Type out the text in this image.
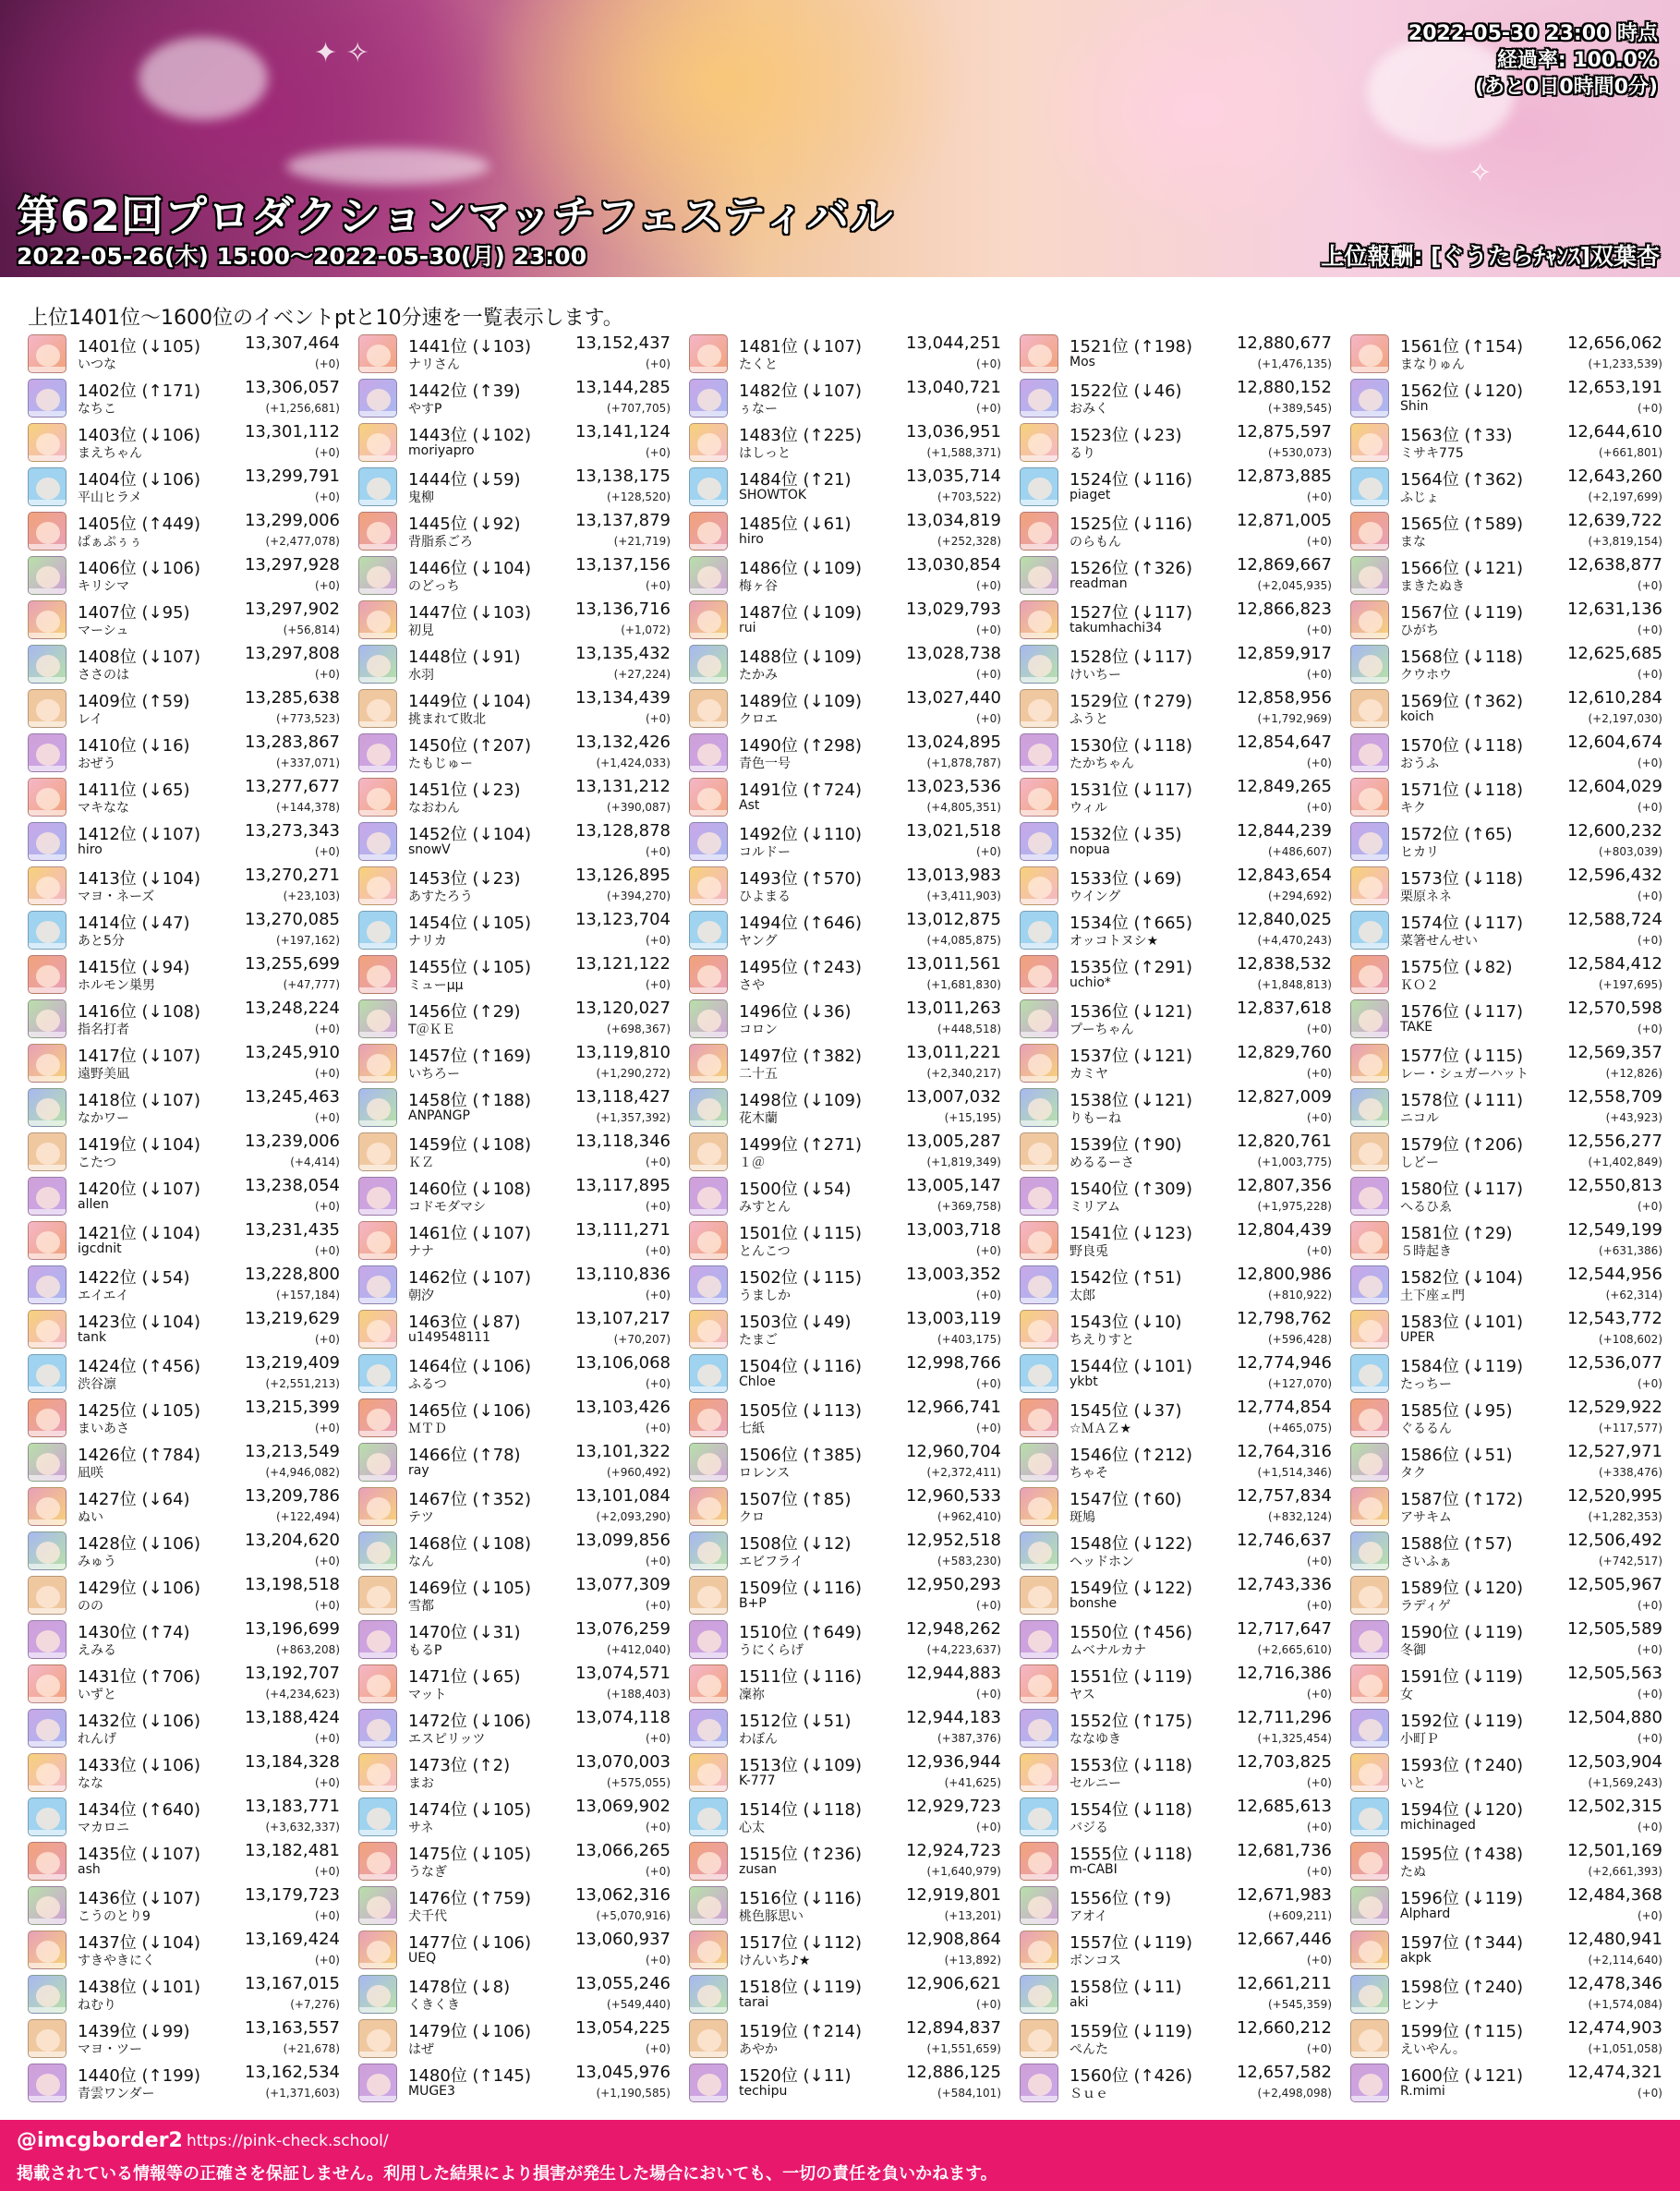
✦ ✧
✧
2022-05-30 23:00 時点
経過率: 100.0%
(あと0日0時間0分)
第62回プロダクションマッチフェスティバル
2022-05-26(木) 15:00～2022-05-30(月) 23:00	上位報酬: [ぐうたらﾁｬﾝｽ]双葉杏
上位1401位～1600位のイベントptと10分速を一覧表示します。
1401位 (↓105)	13,307,464
いつな	(+0)
1402位 (↑171)	13,306,057
なちこ	(+1,256,681)
1403位 (↓106)	13,301,112
まえちゃん	(+0)
1404位 (↓106)	13,299,791
平山ヒラメ	(+0)
1405位 (↑449)	13,299,006
ぱぁぷぅぅ	(+2,477,078)
1406位 (↓106)	13,297,928
キリシマ	(+0)
1407位 (↓95)	13,297,902
マーシュ	(+56,814)
1408位 (↓107)	13,297,808
ささのは	(+0)
1409位 (↑59)	13,285,638
レイ	(+773,523)
1410位 (↓16)	13,283,867
おぜう	(+337,071)
1411位 (↓65)	13,277,677
マキなな	(+144,378)
1412位 (↓107)	13,273,343
hiro	(+0)
1413位 (↓104)	13,270,271
マヨ・ネーズ	(+23,103)
1414位 (↓47)	13,270,085
あと5分	(+197,162)
1415位 (↓94)	13,255,699
ホルモン巣男	(+47,777)
1416位 (↓108)	13,248,224
指名打者	(+0)
1417位 (↓107)	13,245,910
遠野美凪	(+0)
1418位 (↓107)	13,245,463
なかワー	(+0)
1419位 (↓104)	13,239,006
こたつ	(+4,414)
1420位 (↓107)	13,238,054
allen	(+0)
1421位 (↓104)	13,231,435
igcdnit	(+0)
1422位 (↓54)	13,228,800
エイエイ	(+157,184)
1423位 (↓104)	13,219,629
tank	(+0)
1424位 (↑456)	13,219,409
渋谷凛	(+2,551,213)
1425位 (↓105)	13,215,399
まいあさ	(+0)
1426位 (↑784)	13,213,549
凪咲	(+4,946,082)
1427位 (↓64)	13,209,786
ぬい	(+122,494)
1428位 (↓106)	13,204,620
みゅう	(+0)
1429位 (↓106)	13,198,518
のの	(+0)
1430位 (↑74)	13,196,699
えみる	(+863,208)
1431位 (↑706)	13,192,707
いずと	(+4,234,623)
1432位 (↓106)	13,188,424
れんげ	(+0)
1433位 (↓106)	13,184,328
なな	(+0)
1434位 (↑640)	13,183,771
マカロニ	(+3,632,337)
1435位 (↓107)	13,182,481
ash	(+0)
1436位 (↓107)	13,179,723
こうのとり9	(+0)
1437位 (↓104)	13,169,424
すきやきにく	(+0)
1438位 (↓101)	13,167,015
ねむり	(+7,276)
1439位 (↓99)	13,163,557
マヨ・ツー	(+21,678)
1440位 (↑199)	13,162,534
青雲ワンダー	(+1,371,603)
1441位 (↓103)	13,152,437
ナリさん	(+0)
1442位 (↑39)	13,144,285
やすP	(+707,705)
1443位 (↓102)	13,141,124
moriyapro	(+0)
1444位 (↓59)	13,138,175
鬼柳	(+128,520)
1445位 (↓92)	13,137,879
背脂系ごろ	(+21,719)
1446位 (↓104)	13,137,156
のどっち	(+0)
1447位 (↓103)	13,136,716
初見	(+1,072)
1448位 (↓91)	13,135,432
水羽	(+27,224)
1449位 (↓104)	13,134,439
挑まれて敗北	(+0)
1450位 (↑207)	13,132,426
たもじゅー	(+1,424,033)
1451位 (↓23)	13,131,212
なおわん	(+390,087)
1452位 (↓104)	13,128,878
snowV	(+0)
1453位 (↓23)	13,126,895
あすたろう	(+394,270)
1454位 (↓105)	13,123,704
ナリカ	(+0)
1455位 (↓105)	13,121,122
ミューμμ	(+0)
1456位 (↑29)	13,120,027
T＠ＫＥ	(+698,367)
1457位 (↑169)	13,119,810
いちろー	(+1,290,272)
1458位 (↑188)	13,118,427
ANPANGP	(+1,357,392)
1459位 (↓108)	13,118,346
ＫＺ	(+0)
1460位 (↓108)	13,117,895
コドモダマシ	(+0)
1461位 (↓107)	13,111,271
ナナ	(+0)
1462位 (↓107)	13,110,836
朝汐	(+0)
1463位 (↓87)	13,107,217
u149548111	(+70,207)
1464位 (↓106)	13,106,068
ふるつ	(+0)
1465位 (↓106)	13,103,426
ＭＴＤ	(+0)
1466位 (↑78)	13,101,322
ray	(+960,492)
1467位 (↑352)	13,101,084
テツ	(+2,093,290)
1468位 (↓108)	13,099,856
なん	(+0)
1469位 (↓105)	13,077,309
雪都	(+0)
1470位 (↓31)	13,076,259
もるP	(+412,040)
1471位 (↓65)	13,074,571
マット	(+188,403)
1472位 (↓106)	13,074,118
エスピリッツ	(+0)
1473位 (↑2)	13,070,003
まお	(+575,055)
1474位 (↓105)	13,069,902
サネ	(+0)
1475位 (↓105)	13,066,265
うなぎ	(+0)
1476位 (↑759)	13,062,316
犬千代	(+5,070,916)
1477位 (↓106)	13,060,937
UEQ	(+0)
1478位 (↓8)	13,055,246
くきくき	(+549,440)
1479位 (↓106)	13,054,225
はぜ	(+0)
1480位 (↑145)	13,045,976
MUGE3	(+1,190,585)
1481位 (↓107)	13,044,251
たくと	(+0)
1482位 (↓107)	13,040,721
ぅなー	(+0)
1483位 (↑225)	13,036,951
はしっと	(+1,588,371)
1484位 (↑21)	13,035,714
SHOWTOK	(+703,522)
1485位 (↓61)	13,034,819
hiro	(+252,328)
1486位 (↓109)	13,030,854
梅ヶ谷	(+0)
1487位 (↓109)	13,029,793
rui	(+0)
1488位 (↓109)	13,028,738
たかみ	(+0)
1489位 (↓109)	13,027,440
クロエ	(+0)
1490位 (↑298)	13,024,895
青色一号	(+1,878,787)
1491位 (↑724)	13,023,536
Ast	(+4,805,351)
1492位 (↓110)	13,021,518
コルドー	(+0)
1493位 (↑570)	13,013,983
ひよまる	(+3,411,903)
1494位 (↑646)	13,012,875
ヤング	(+4,085,875)
1495位 (↑243)	13,011,561
さや	(+1,681,830)
1496位 (↓36)	13,011,263
コロン	(+448,518)
1497位 (↑382)	13,011,221
二十五	(+2,340,217)
1498位 (↓109)	13,007,032
花木蘭	(+15,195)
1499位 (↑271)	13,005,287
１＠	(+1,819,349)
1500位 (↓54)	13,005,147
みすとん	(+369,758)
1501位 (↓115)	13,003,718
とんこつ	(+0)
1502位 (↓115)	13,003,352
うましか	(+0)
1503位 (↓49)	13,003,119
たまご	(+403,175)
1504位 (↓116)	12,998,766
Chloe	(+0)
1505位 (↓113)	12,966,741
七紙	(+0)
1506位 (↑385)	12,960,704
ロレンス	(+2,372,411)
1507位 (↑85)	12,960,533
クロ	(+962,410)
1508位 (↓12)	12,952,518
エビフライ	(+583,230)
1509位 (↓116)	12,950,293
B+P	(+0)
1510位 (↑649)	12,948,262
うにくらげ	(+4,223,637)
1511位 (↓116)	12,944,883
凜祢	(+0)
1512位 (↓51)	12,944,183
わぼん	(+387,376)
1513位 (↓109)	12,936,944
K-777	(+41,625)
1514位 (↓118)	12,929,723
心太	(+0)
1515位 (↑236)	12,924,723
zusan	(+1,640,979)
1516位 (↓116)	12,919,801
桃色豚思い	(+13,201)
1517位 (↓112)	12,908,864
けんいち♪★	(+13,892)
1518位 (↓119)	12,906,621
tarai	(+0)
1519位 (↑214)	12,894,837
あやか	(+1,551,659)
1520位 (↓11)	12,886,125
techipu	(+584,101)
1521位 (↑198)	12,880,677
Mos	(+1,476,135)
1522位 (↓46)	12,880,152
おみく	(+389,545)
1523位 (↓23)	12,875,597
るり	(+530,073)
1524位 (↓116)	12,873,885
piaget	(+0)
1525位 (↓116)	12,871,005
のらもん	(+0)
1526位 (↑326)	12,869,667
readman	(+2,045,935)
1527位 (↓117)	12,866,823
takumhachi34	(+0)
1528位 (↓117)	12,859,917
けいちー	(+0)
1529位 (↑279)	12,858,956
ふうと	(+1,792,969)
1530位 (↓118)	12,854,647
たかちゃん	(+0)
1531位 (↓117)	12,849,265
ウィル	(+0)
1532位 (↓35)	12,844,239
nopua	(+486,607)
1533位 (↓69)	12,843,654
ウイング	(+294,692)
1534位 (↑665)	12,840,025
オッコトヌシ★	(+4,470,243)
1535位 (↑291)	12,838,532
uchio*	(+1,848,813)
1536位 (↓121)	12,837,618
プーちゃん	(+0)
1537位 (↓121)	12,829,760
カミヤ	(+0)
1538位 (↓121)	12,827,009
りもーね	(+0)
1539位 (↑90)	12,820,761
めるるーさ	(+1,003,775)
1540位 (↑309)	12,807,356
ミリアム	(+1,975,228)
1541位 (↓123)	12,804,439
野良兎	(+0)
1542位 (↑51)	12,800,986
太郎	(+810,922)
1543位 (↓10)	12,798,762
ちえりすと	(+596,428)
1544位 (↓101)	12,774,946
ykbt	(+127,070)
1545位 (↓37)	12,774,854
☆ＭＡＺ★	(+465,075)
1546位 (↑212)	12,764,316
ちゃそ	(+1,514,346)
1547位 (↑60)	12,757,834
斑鳩	(+832,124)
1548位 (↓122)	12,746,637
ヘッドホン	(+0)
1549位 (↓122)	12,743,336
bonshe	(+0)
1550位 (↑456)	12,717,647
ムベナルカナ	(+2,665,610)
1551位 (↓119)	12,716,386
ヤス	(+0)
1552位 (↑175)	12,711,296
ななゆき	(+1,325,454)
1553位 (↓118)	12,703,825
セルニー	(+0)
1554位 (↓118)	12,685,613
バジる	(+0)
1555位 (↓118)	12,681,736
m-CABI	(+0)
1556位 (↑9)	12,671,983
アオイ	(+609,211)
1557位 (↓119)	12,667,446
ボンコス	(+0)
1558位 (↓11)	12,661,211
aki	(+545,359)
1559位 (↓119)	12,660,212
ぺんた	(+0)
1560位 (↑426)	12,657,582
Ｓｕｅ	(+2,498,098)
1561位 (↑154)	12,656,062
まなりゅん	(+1,233,539)
1562位 (↓120)	12,653,191
Shin	(+0)
1563位 (↑33)	12,644,610
ミサキ775	(+661,801)
1564位 (↑362)	12,643,260
ふじょ	(+2,197,699)
1565位 (↑589)	12,639,722
まな	(+3,819,154)
1566位 (↓121)	12,638,877
まきたぬき	(+0)
1567位 (↓119)	12,631,136
ひがち	(+0)
1568位 (↓118)	12,625,685
クウホウ	(+0)
1569位 (↑362)	12,610,284
koich	(+2,197,030)
1570位 (↓118)	12,604,674
おうふ	(+0)
1571位 (↓118)	12,604,029
キク	(+0)
1572位 (↑65)	12,600,232
ヒカリ	(+803,039)
1573位 (↓118)	12,596,432
栗原ネネ	(+0)
1574位 (↓117)	12,588,724
菜箸せんせい	(+0)
1575位 (↓82)	12,584,412
ＫＯ２	(+197,695)
1576位 (↓117)	12,570,598
TAKE	(+0)
1577位 (↓115)	12,569,357
レー・シュガーハット	(+12,826)
1578位 (↓111)	12,558,709
ニコル	(+43,923)
1579位 (↑206)	12,556,277
しどー	(+1,402,849)
1580位 (↓117)	12,550,813
へるひゑ	(+0)
1581位 (↑29)	12,549,199
５時起き	(+631,386)
1582位 (↓104)	12,544,956
土下座ェ門	(+62,314)
1583位 (↓101)	12,543,772
UPER	(+108,602)
1584位 (↓119)	12,536,077
たっちー	(+0)
1585位 (↓95)	12,529,922
ぐるるん	(+117,577)
1586位 (↓51)	12,527,971
タク	(+338,476)
1587位 (↑172)	12,520,995
アサキム	(+1,282,353)
1588位 (↑57)	12,506,492
さいふぁ	(+742,517)
1589位 (↓120)	12,505,967
ラディゲ	(+0)
1590位 (↓119)	12,505,589
冬御	(+0)
1591位 (↓119)	12,505,563
女	(+0)
1592位 (↓119)	12,504,880
小町Ｐ	(+0)
1593位 (↑240)	12,503,904
いと	(+1,569,243)
1594位 (↓120)	12,502,315
michinaged	(+0)
1595位 (↑438)	12,501,169
たぬ	(+2,661,393)
1596位 (↓119)	12,484,368
Alphard	(+0)
1597位 (↑344)	12,480,941
akpk	(+2,114,640)
1598位 (↑240)	12,478,346
ヒンナ	(+1,574,084)
1599位 (↑115)	12,474,903
えいやん。	(+1,051,058)
1600位 (↓121)	12,474,321
R.mimi	(+0)
@imcgborder2 https://pink-check.school/
掲載されている情報等の正確さを保証しません。利用した結果により損害が発生した場合においても、一切の責任を負いかねます。
